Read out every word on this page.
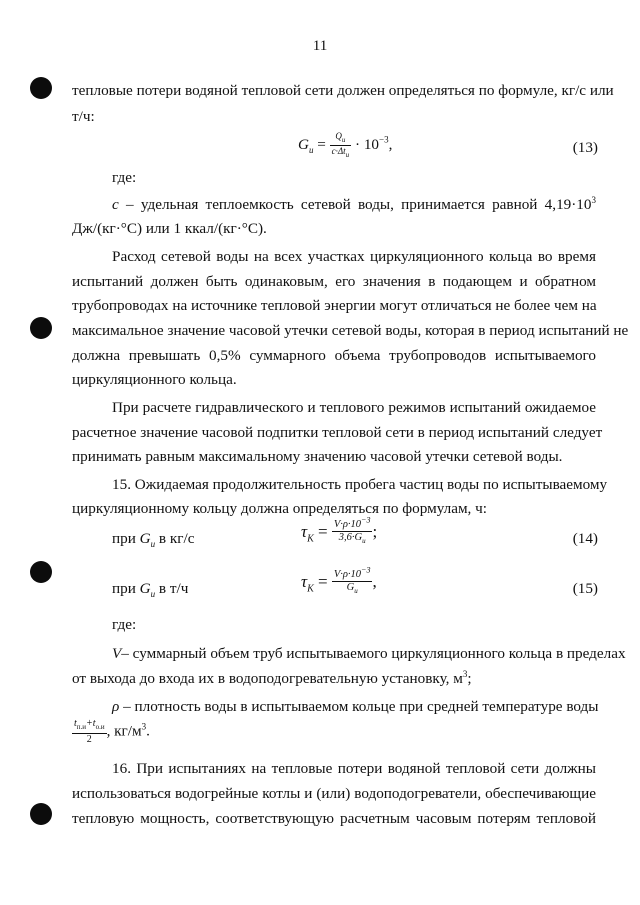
11
тепловые потери водяной тепловой сети должен определяться по формуле, кг/с или
т/ч:
$G_и = \frac{Q_и}{c\cdot\Delta t_и} \cdot 10^{-3}$,	(13)
где:
с – удельная теплоемкость сетевой воды, принимается равной $4,19\cdot 10^3$
Дж/(кг·°С) или 1 ккал/(кг·°С).
Расход сетевой воды на всех участках циркуляционного кольца во время
испытаний должен быть одинаковым, его значения в подающем и обратном
трубопроводах на источнике тепловой энергии могут отличаться не более чем на
максимальное значение часовой утечки сетевой воды, которая в период испытаний не
должна превышать 0,5% суммарного объема трубопроводов испытываемого
циркуляционного кольца.
При расчете гидравлического и теплового режимов испытаний ожидаемое
расчетное значение часовой подпитки тепловой сети в период испытаний следует
принимать равным максимальному значению часовой утечки сетевой воды.
15. Ожидаемая продолжительность пробега частиц воды по испытываемому
циркуляционному кольцу должна определяться по формулам, ч:
при $G_и$ в кг/с	$\tau_К = \frac{V\cdot\rho\cdot 10^{-3}}{3,6\cdot G_и}$ ;	(14)
при $G_и$ в т/ч	$\tau_К = \frac{V\cdot\rho\cdot 10^{-3}}{G_и}$ ,	(15)
где:
V– суммарный объем труб испытываемого циркуляционного кольца в пределах
от выхода до входа их в водоподогревательную установку, $м^3$;
ρ – плотность воды в испытываемом кольце при средней температуре воды
$\frac{t_{п.и}+t_{о.и}}{2}$ , $кг/м^3$.
16. При испытаниях на тепловые потери водяной тепловой сети должны
использоваться водогрейные котлы и (или) водоподогреватели, обеспечивающие
тепловую мощность, соответствующую расчетным часовым потерям тепловой
